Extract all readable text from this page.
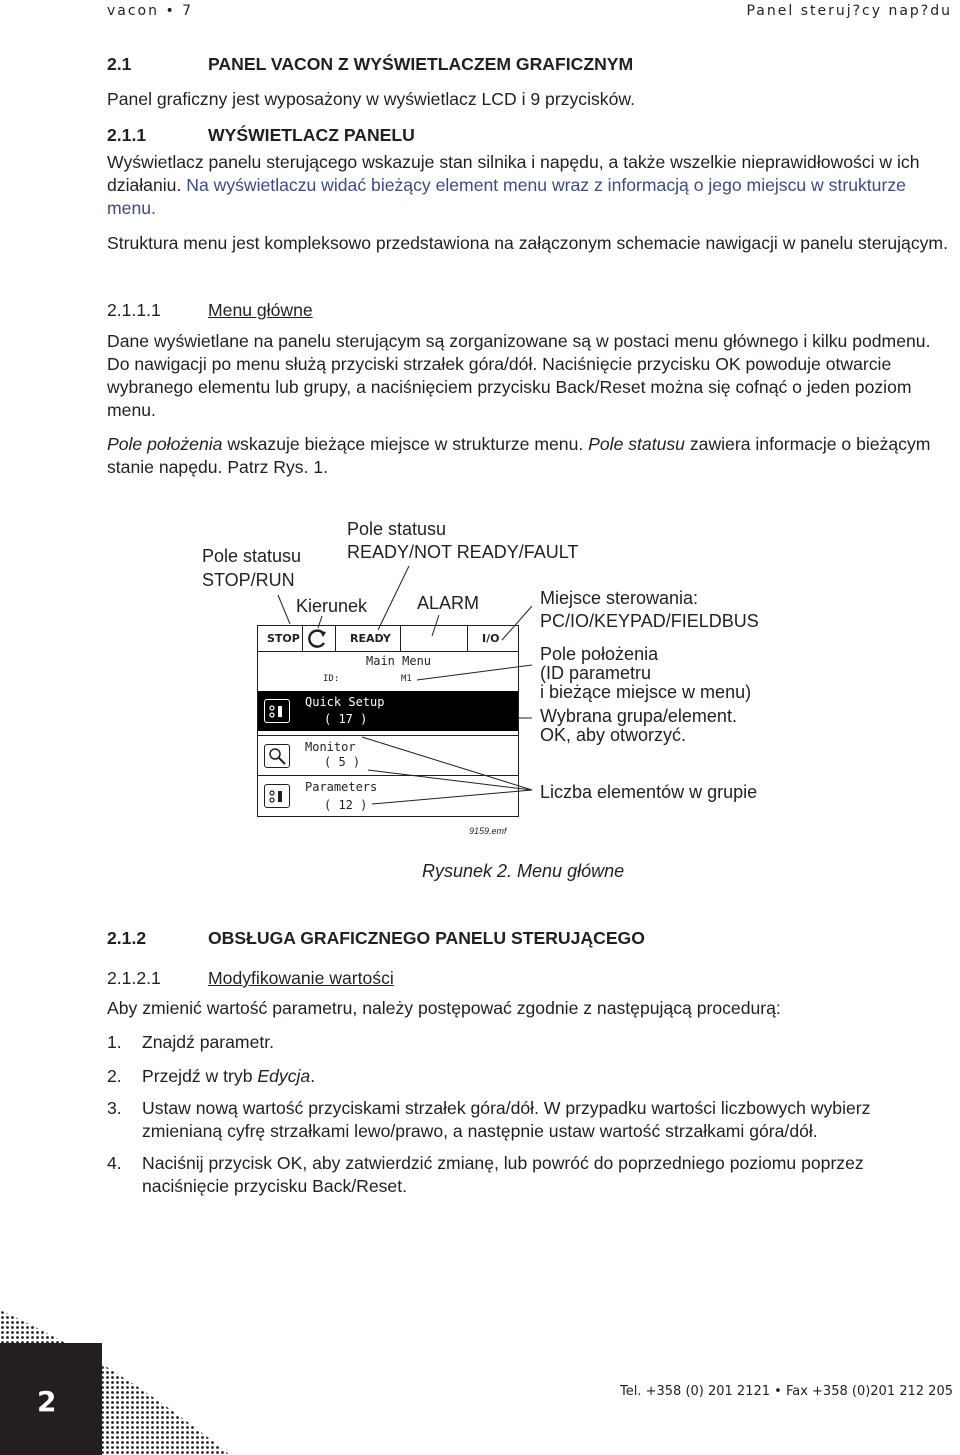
vacon • 7	Panel steruj?cy nap?du

2.1	PANEL VACON Z WYŚWIETLACZEM GRAFICZNYM

Panel graficzny jest wyposażony w wyświetlacz LCD i 9 przycisków.

2.1.1	WYŚWIETLACZ PANELU

Wyświetlacz panelu sterującego wskazuje stan silnika i napędu, a także wszelkie nieprawidłowości w ich działaniu. Na wyświetlaczu widać bieżący element menu wraz z informacją o jego miejscu w strukturze menu.

Struktura menu jest kompleksowo przedstawiona na załączonym schemacie nawigacji w panelu sterującym.

2.1.1.1	Menu główne

Dane wyświetlane na panelu sterującym są zorganizowane są w postaci menu głównego i kilku podmenu. Do nawigacji po menu służą przyciski strzałek góra/dół. Naciśnięcie przycisku OK powoduje otwarcie wybranego elementu lub grupy, a naciśnięciem przycisku Back/Reset można się cofnąć o jeden poziom menu.

Pole położenia wskazuje bieżące miejsce w strukturze menu. Pole statusu zawiera informacje o bieżącym stanie napędu. Patrz Rys. 1.

Pole statusu
STOP/RUN
Pole statusu
READY/NOT READY/FAULT
Kierunek	ALARM	Miejsce sterowania:
PC/IO/KEYPAD/FIELDBUS
Pole położenia
(ID parametru
i bieżące miejsce w menu)
Wybrana grupa/element.
OK, aby otworzyć.
Liczba elementów w grupie
STOP	READY	I/O
Main Menu
ID:	M1
Quick Setup
( 17 )
Monitor
( 5 )
Parameters
( 12 )
9159.emf
Rysunek 2. Menu główne

2.1.2	OBSŁUGA GRAFICZNEGO PANELU STERUJĄCEGO

2.1.2.1	Modyfikowanie wartości

Aby zmienić wartość parametru, należy postępować zgodnie z następującą procedurą:

1. Znajdź parametr.
2. Przejdź w tryb Edycja.
3. Ustaw nową wartość przyciskami strzałek góra/dół. W przypadku wartości liczbowych wybierz zmienianą cyfrę strzałkami lewo/prawo, a następnie ustaw wartość strzałkami góra/dół.
4. Naciśnij przycisk OK, aby zatwierdzić zmianę, lub powróć do poprzedniego poziomu poprzez naciśnięcie przycisku Back/Reset.
2	Tel. +358 (0) 201 2121 • Fax +358 (0)201 212 205
